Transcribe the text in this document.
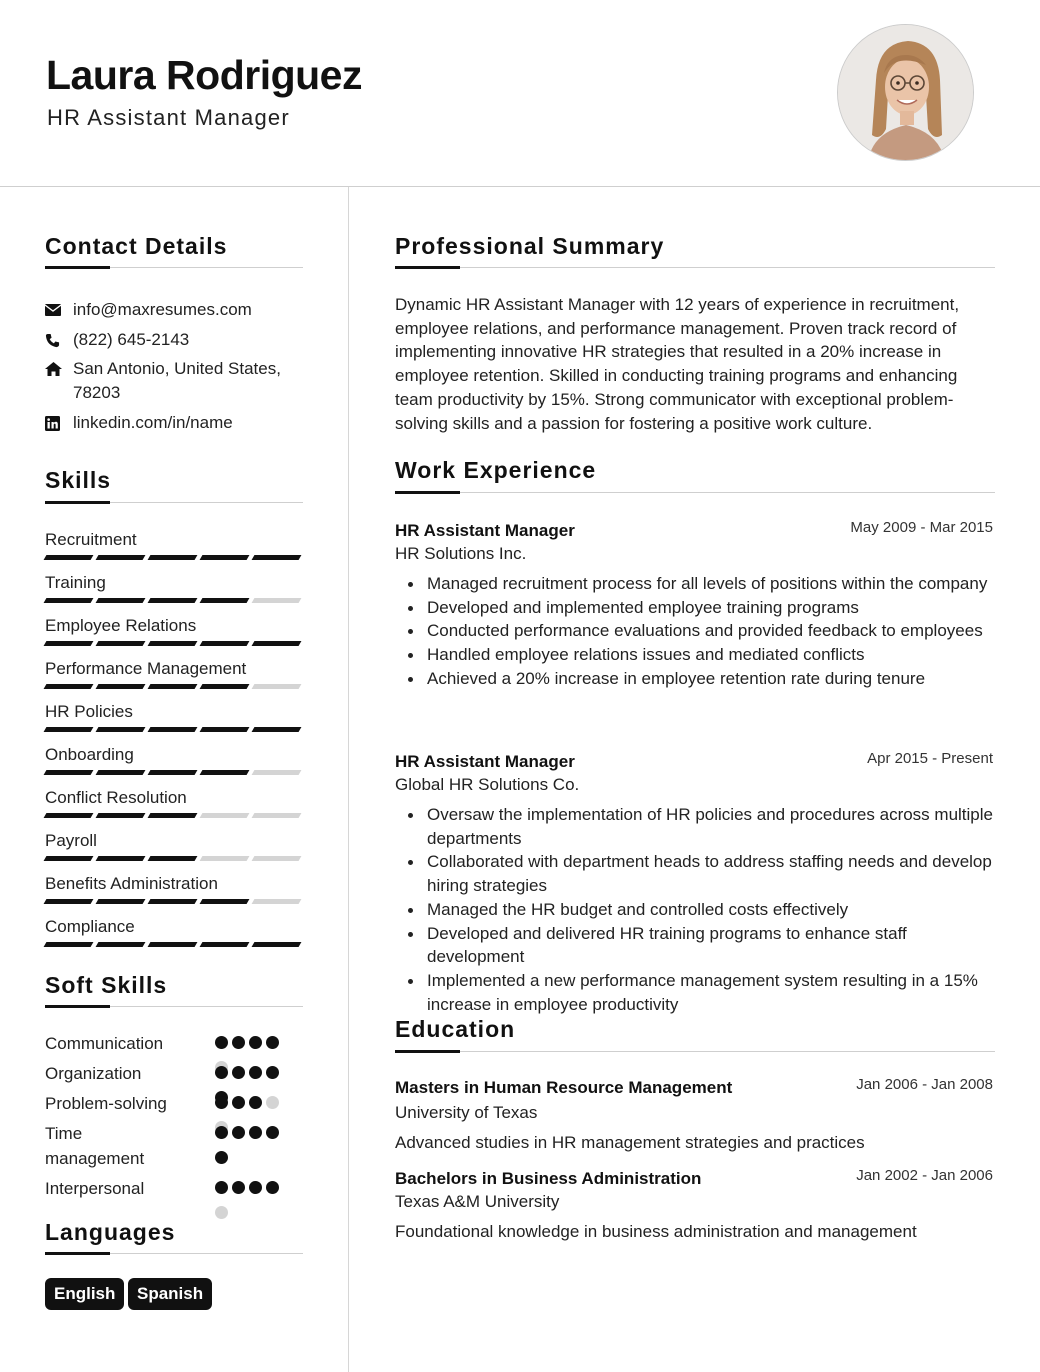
Laura Rodriguez
HR Assistant Manager
Contact Details
info@maxresumes.com
(822) 645-2143
San Antonio, United States, 78203
linkedin.com/in/name
Skills
Recruitment
Training
Employee Relations
Performance Management
HR Policies
Onboarding
Conflict Resolution
Payroll
Benefits Administration
Compliance
Soft Skills
Communication
Organization
Problem-solving
Time management
Interpersonal
Languages
English	Spanish
Professional Summary
Dynamic HR Assistant Manager with 12 years of experience in recruitment, employee relations, and performance management. Proven track record of implementing innovative HR strategies that resulted in a 20% increase in employee retention. Skilled in conducting training programs and enhancing team productivity by 15%. Strong communicator with exceptional problem-solving skills and a passion for fostering a positive work culture.
Work Experience
HR Assistant Manager	May 2009 - Mar 2015
HR Solutions Inc.
Managed recruitment process for all levels of positions within the company
Developed and implemented employee training programs
Conducted performance evaluations and provided feedback to employees
Handled employee relations issues and mediated conflicts
Achieved a 20% increase in employee retention rate during tenure
HR Assistant Manager	Apr 2015 - Present
Global HR Solutions Co.
Oversaw the implementation of HR policies and procedures across multiple departments
Collaborated with department heads to address staffing needs and develop hiring strategies
Managed the HR budget and controlled costs effectively
Developed and delivered HR training programs to enhance staff development
Implemented a new performance management system resulting in a 15% increase in employee productivity
Education
Masters in Human Resource Management	Jan 2006 - Jan 2008
University of Texas
Advanced studies in HR management strategies and practices
Bachelors in Business Administration	Jan 2002 - Jan 2006
Texas A&M University
Foundational knowledge in business administration and management
